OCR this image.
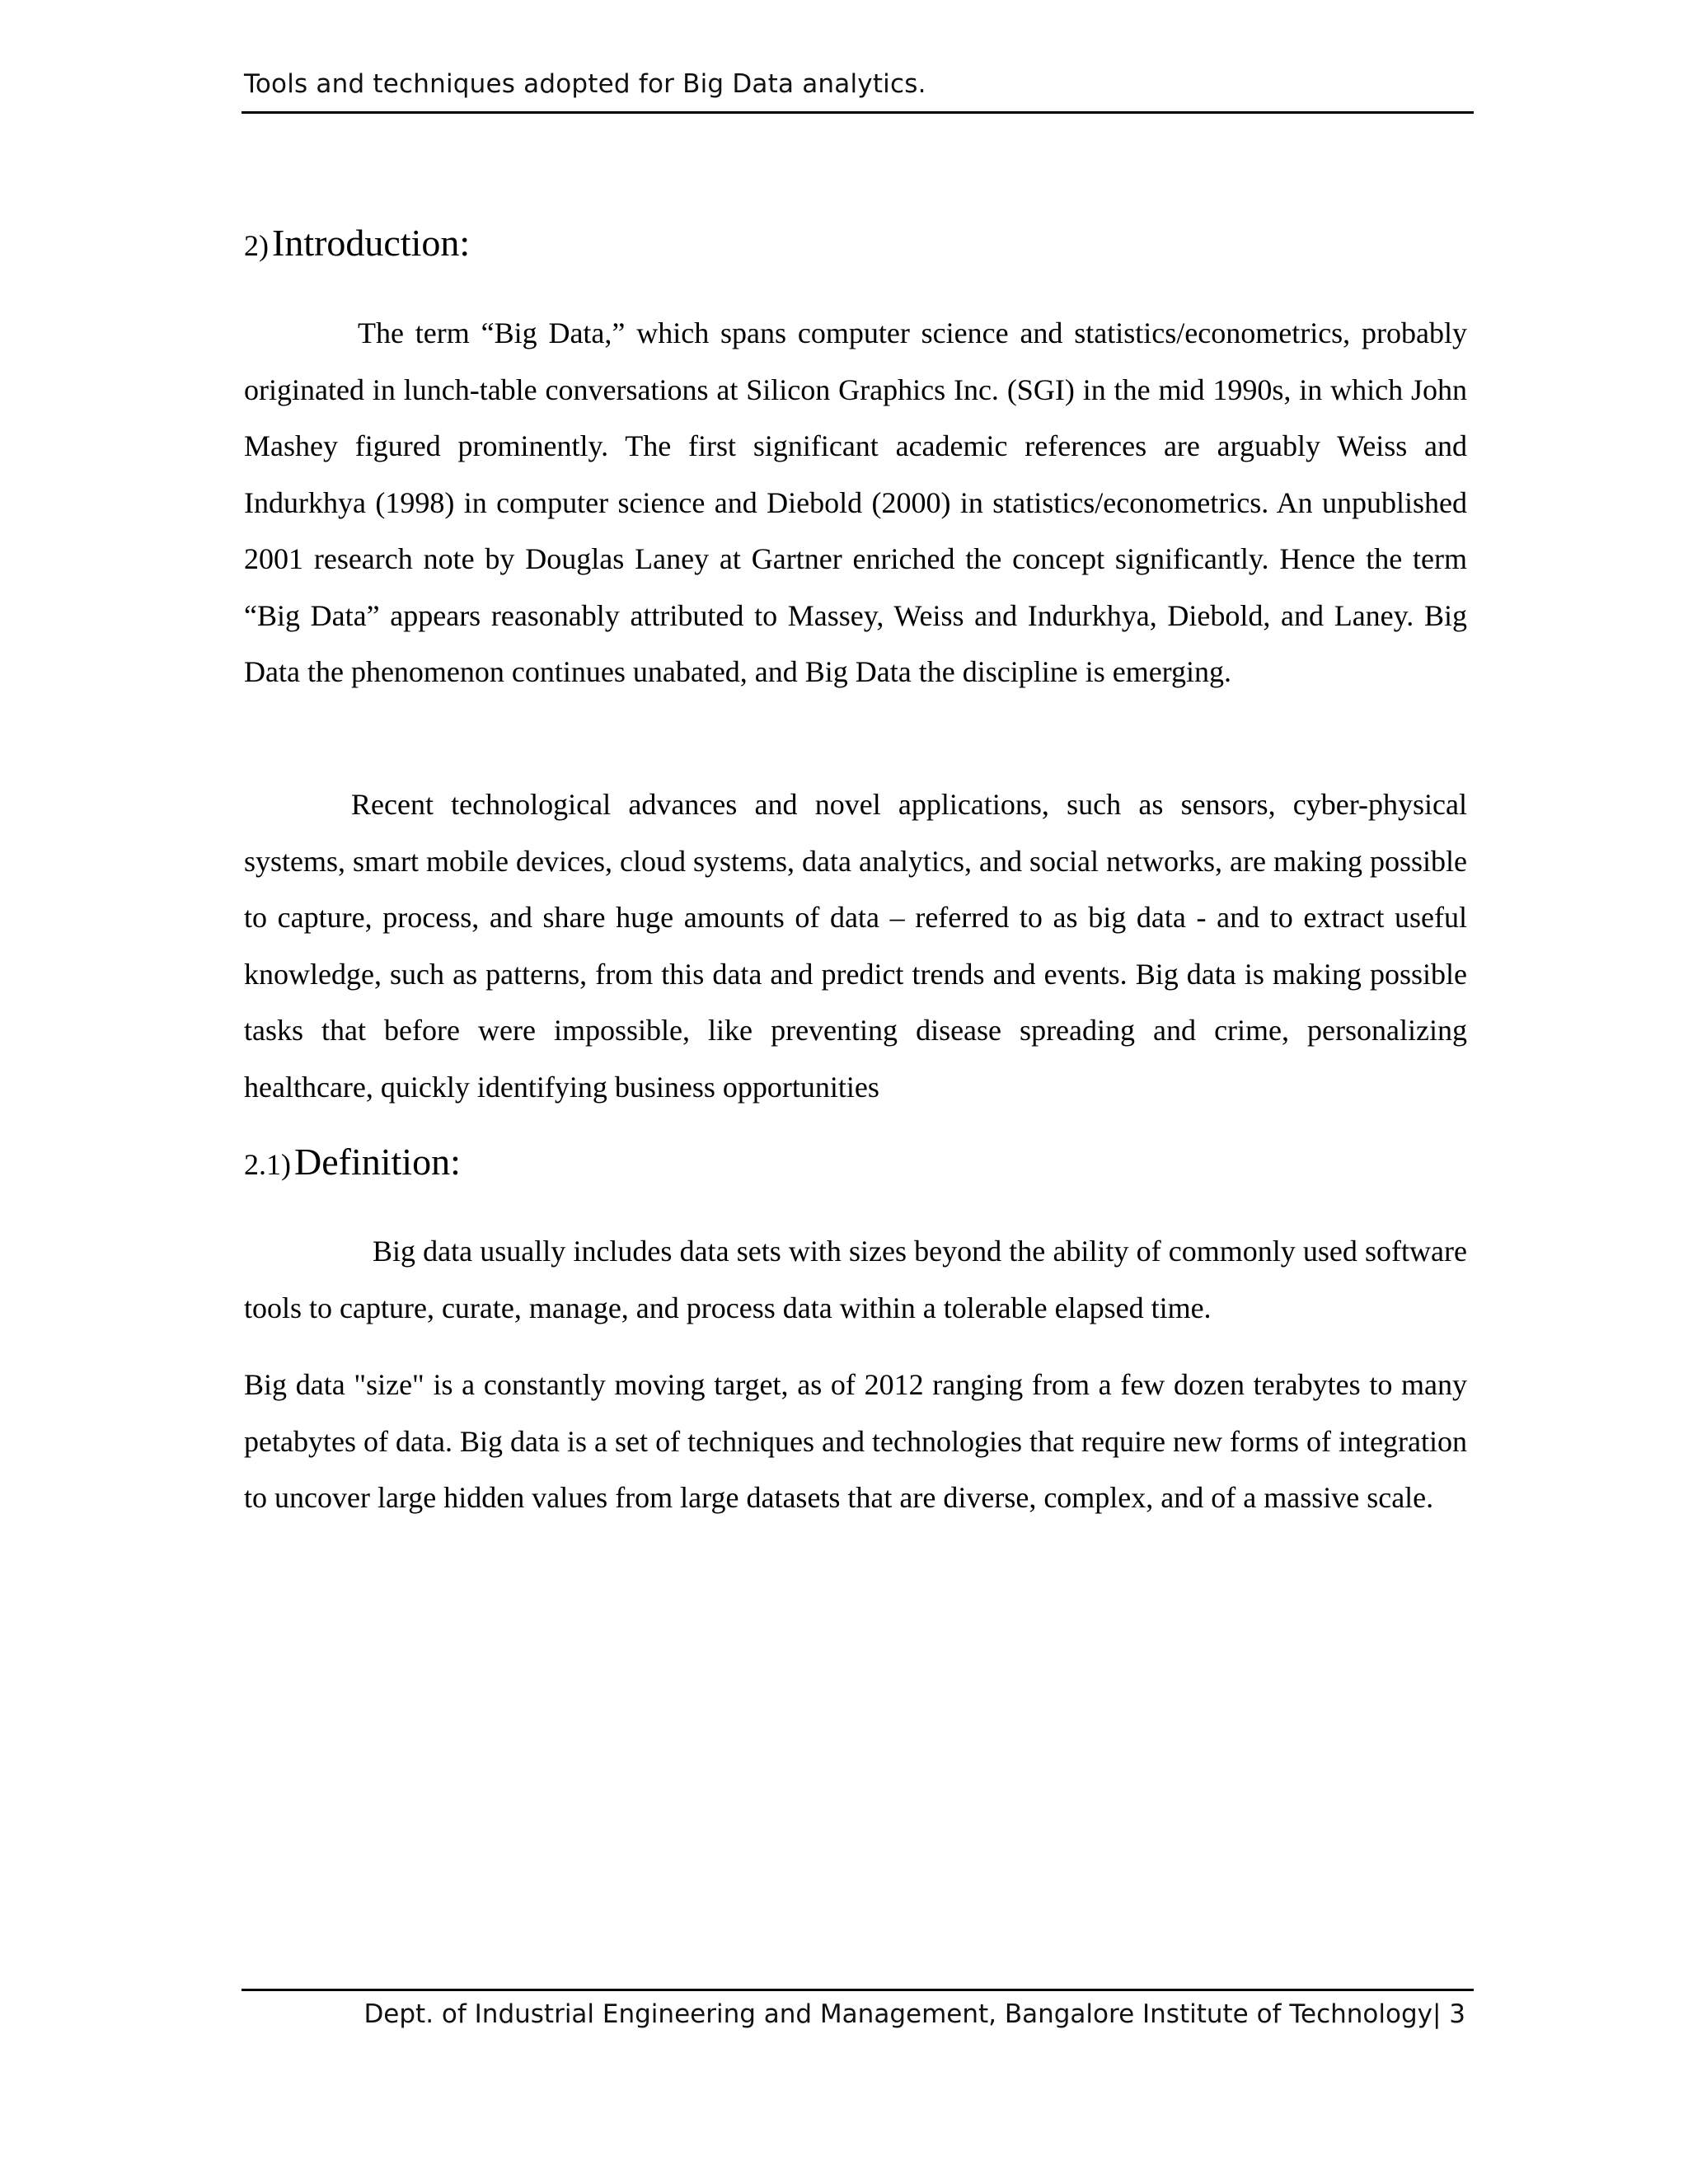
Tools and techniques adopted for Big Data analytics.
2) Introduction:

The term “Big Data,” which spans computer science and statistics/econometrics, probably originated in lunch-table conversations at Silicon Graphics Inc. (SGI) in the mid 1990s, in which John Mashey figured prominently. The first significant academic references are arguably Weiss and Indurkhya (1998) in computer science and Diebold (2000) in statistics/econometrics. An unpublished 2001 research note by Douglas Laney at Gartner enriched the concept significantly. Hence the term “Big Data” appears reasonably attributed to Massey, Weiss and Indurkhya, Diebold, and Laney. Big Data the phenomenon continues unabated, and Big Data the discipline is emerging.

Recent technological advances and novel applications, such as sensors, cyber-physical systems, smart mobile devices, cloud systems, data analytics, and social networks, are making possible to capture, process, and share huge amounts of data – referred to as big data - and to extract useful knowledge, such as patterns, from this data and predict trends and events. Big data is making possible tasks that before were impossible, like preventing disease spreading and crime, personalizing healthcare, quickly identifying business opportunities

2.1) Definition:

Big data usually includes data sets with sizes beyond the ability of commonly used software tools to capture, curate, manage, and process data within a tolerable elapsed time.

Big data "size" is a constantly moving target, as of 2012 ranging from a few dozen terabytes to many petabytes of data. Big data is a set of techniques and technologies that require new forms of integration to uncover large hidden values from large datasets that are diverse, complex, and of a massive scale.

Dept. of Industrial Engineering and Management, Bangalore Institute of Technology| 3
